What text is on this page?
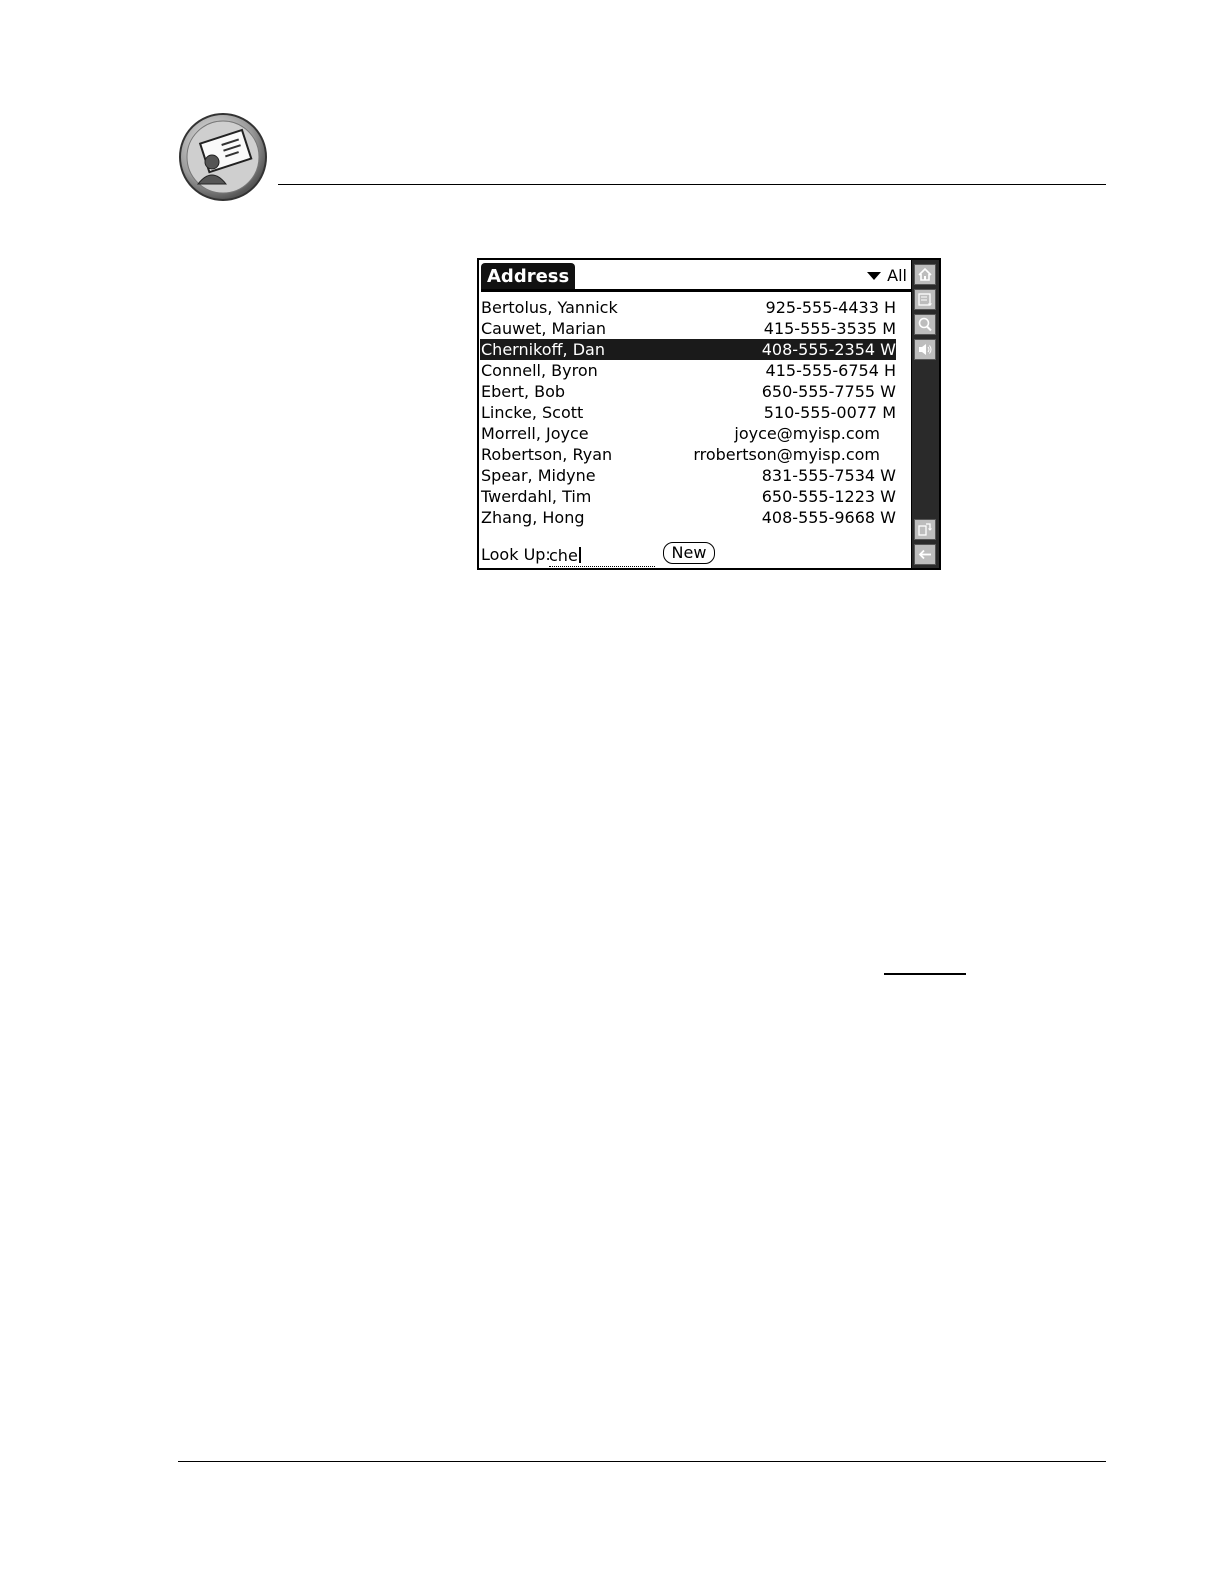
Address	All
Bertolus, Yannick	925-555-4433 H
Cauwet, Marian	415-555-3535 M
Chernikoff, Dan	408-555-2354 W
Connell, Byron	415-555-6754 H
Ebert, Bob	650-555-7755 W
Lincke, Scott	510-555-0077 M
Morrell, Joyce	joyce@myisp.com
Robertson, Ryan	rrobertson@myisp.com
Spear, Midyne	831-555-7534 W
Twerdahl, Tim	650-555-1223 W
Zhang, Hong	408-555-9668 W
Look Up:
che	New
